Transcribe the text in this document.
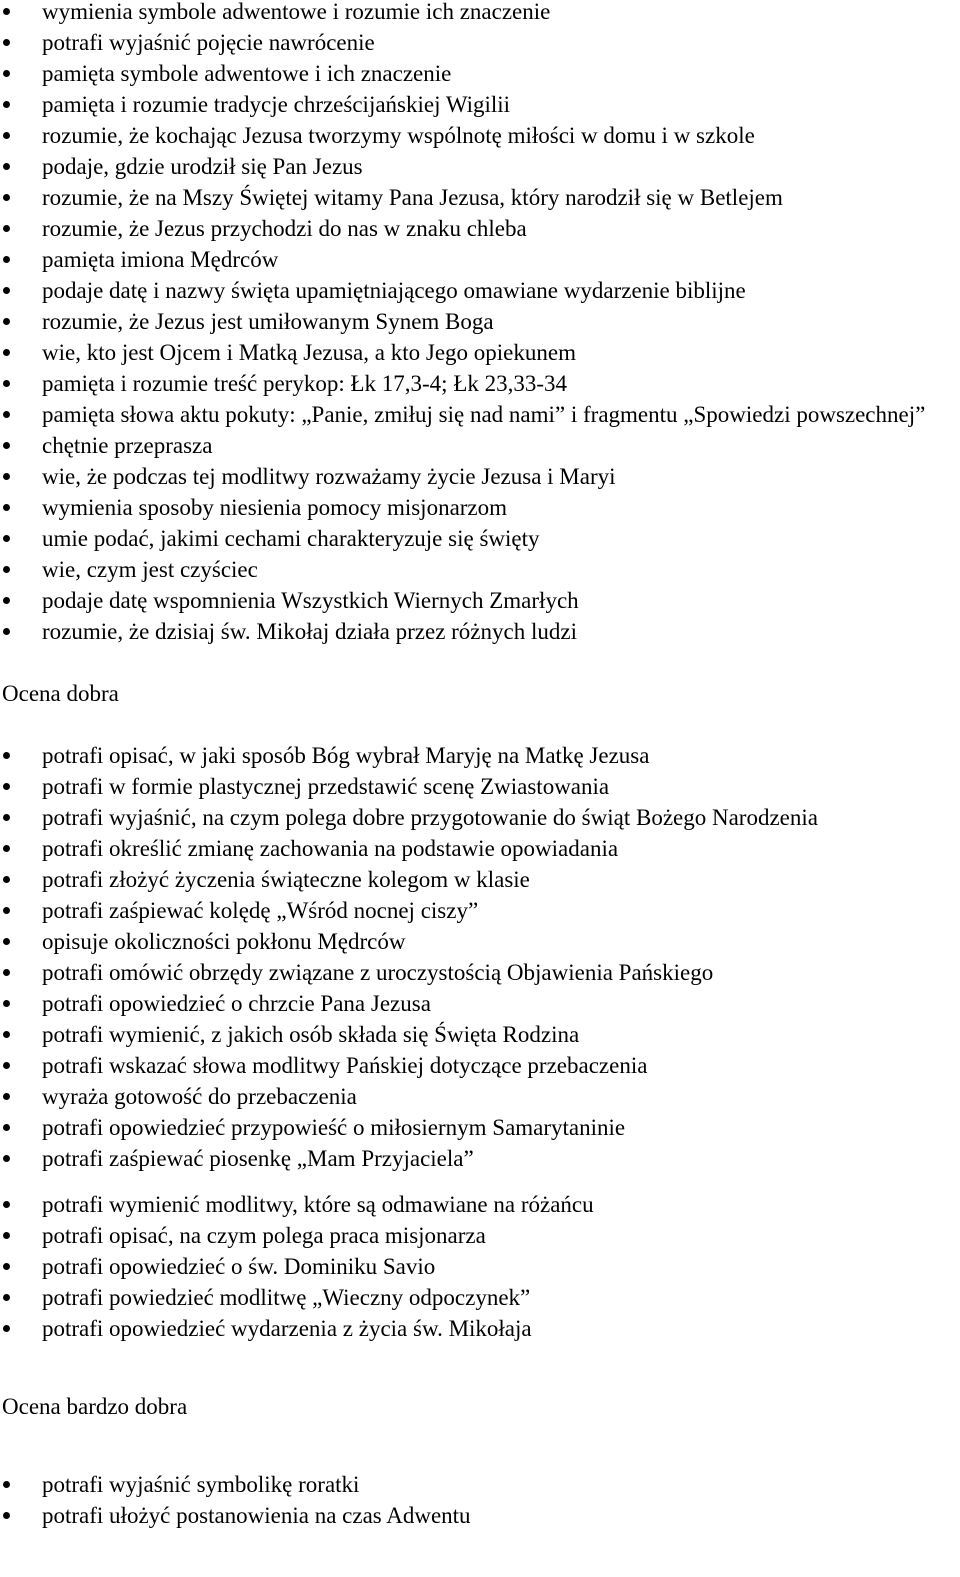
wymienia symbole adwentowe i rozumie ich znaczenie
potrafi wyjaśnić pojęcie nawrócenie
pamięta symbole adwentowe i ich znaczenie
pamięta i rozumie tradycje chrześcijańskiej Wigilii
rozumie, że kochając Jezusa tworzymy wspólnotę miłości w domu i w szkole
podaje, gdzie urodził się Pan Jezus
rozumie, że na Mszy Świętej witamy Pana Jezusa, który narodził się w Betlejem
rozumie, że Jezus przychodzi do nas w znaku chleba
pamięta imiona Mędrców
podaje datę i nazwy święta upamiętniającego omawiane wydarzenie biblijne
rozumie, że Jezus jest umiłowanym Synem Boga
wie, kto jest Ojcem i Matką Jezusa, a kto Jego opiekunem
pamięta i rozumie treść perykop: Łk 17,3-4; Łk 23,33-34
pamięta słowa aktu pokuty: „Panie, zmiłuj się nad nami” i fragmentu „Spowiedzi powszechnej”
chętnie przeprasza
wie, że podczas tej modlitwy rozważamy życie Jezusa i Maryi
wymienia sposoby niesienia pomocy misjonarzom
umie podać, jakimi cechami charakteryzuje się święty
wie, czym jest czyściec
podaje datę wspomnienia Wszystkich Wiernych Zmarłych
rozumie, że dzisiaj św. Mikołaj działa przez różnych ludzi
Ocena dobra
potrafi opisać, w jaki sposób Bóg wybrał Maryję na Matkę Jezusa
potrafi w formie plastycznej przedstawić scenę Zwiastowania
potrafi wyjaśnić, na czym polega dobre przygotowanie do świąt Bożego Narodzenia
potrafi określić zmianę zachowania na podstawie opowiadania
potrafi złożyć życzenia świąteczne kolegom w klasie
potrafi zaśpiewać kolędę „Wśród nocnej ciszy”
opisuje okoliczności pokłonu Mędrców
potrafi omówić obrzędy związane z uroczystością Objawienia Pańskiego
potrafi opowiedzieć o chrzcie Pana Jezusa
potrafi wymienić, z jakich osób składa się Święta Rodzina
potrafi wskazać słowa modlitwy Pańskiej dotyczące przebaczenia
wyraża gotowość do przebaczenia
potrafi opowiedzieć przypowieść o miłosiernym Samarytaninie
potrafi zaśpiewać piosenkę „Mam Przyjaciela”
potrafi wymienić modlitwy, które są odmawiane na różańcu
potrafi opisać, na czym polega praca misjonarza
potrafi opowiedzieć o św. Dominiku Savio
potrafi powiedzieć modlitwę „Wieczny odpoczynek”
potrafi opowiedzieć wydarzenia z życia św. Mikołaja
Ocena bardzo dobra
potrafi wyjaśnić symbolikę roratki
potrafi ułożyć postanowienia na czas Adwentu
